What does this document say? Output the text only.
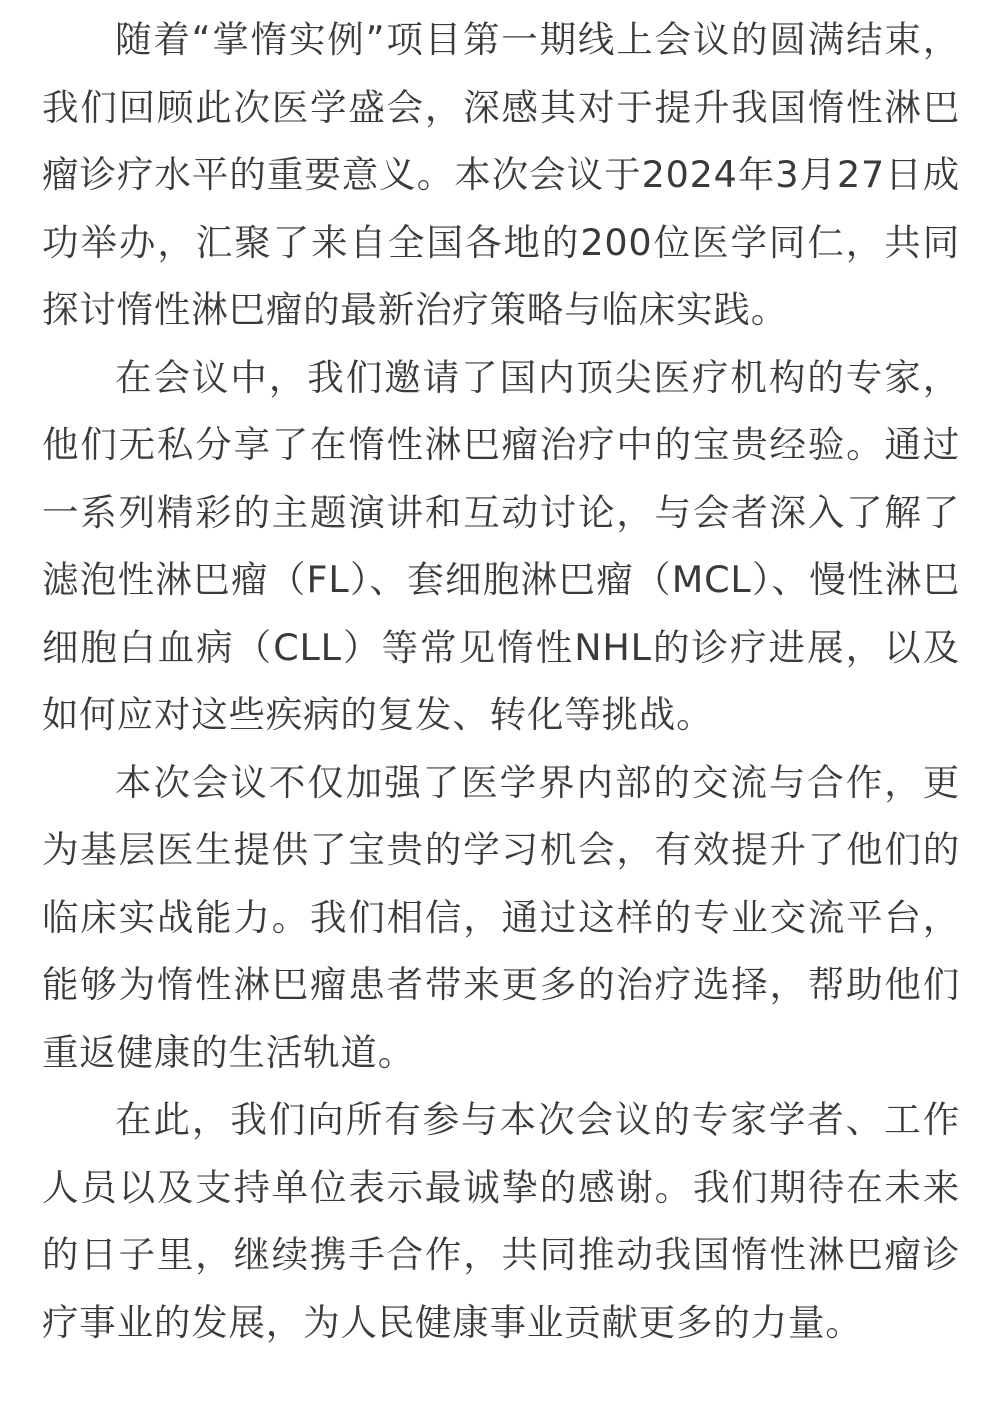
随着“掌惰实例”项目第一期线上会议的圆满结束，我们回顾此次医学盛会，深感其对于提升我国惰性淋巴瘤诊疗水平的重要意义。本次会议于2024年3月27日成功举办，汇聚了来自全国各地的200位医学同仁，共同探讨惰性淋巴瘤的最新治疗策略与临床实践。

在会议中，我们邀请了国内顶尖医疗机构的专家，他们无私分享了在惰性淋巴瘤治疗中的宝贵经验。通过一系列精彩的主题演讲和互动讨论，与会者深入了解了滤泡性淋巴瘤（FL）、套细胞淋巴瘤（MCL）、慢性淋巴细胞白血病（CLL）等常见惰性NHL的诊疗进展，以及如何应对这些疾病的复发、转化等挑战。

本次会议不仅加强了医学界内部的交流与合作，更为基层医生提供了宝贵的学习机会，有效提升了他们的临床实战能力。我们相信，通过这样的专业交流平台，能够为惰性淋巴瘤患者带来更多的治疗选择，帮助他们重返健康的生活轨道。

在此，我们向所有参与本次会议的专家学者、工作人员以及支持单位表示最诚挚的感谢。我们期待在未来的日子里，继续携手合作，共同推动我国惰性淋巴瘤诊疗事业的发展，为人民健康事业贡献更多的力量。
